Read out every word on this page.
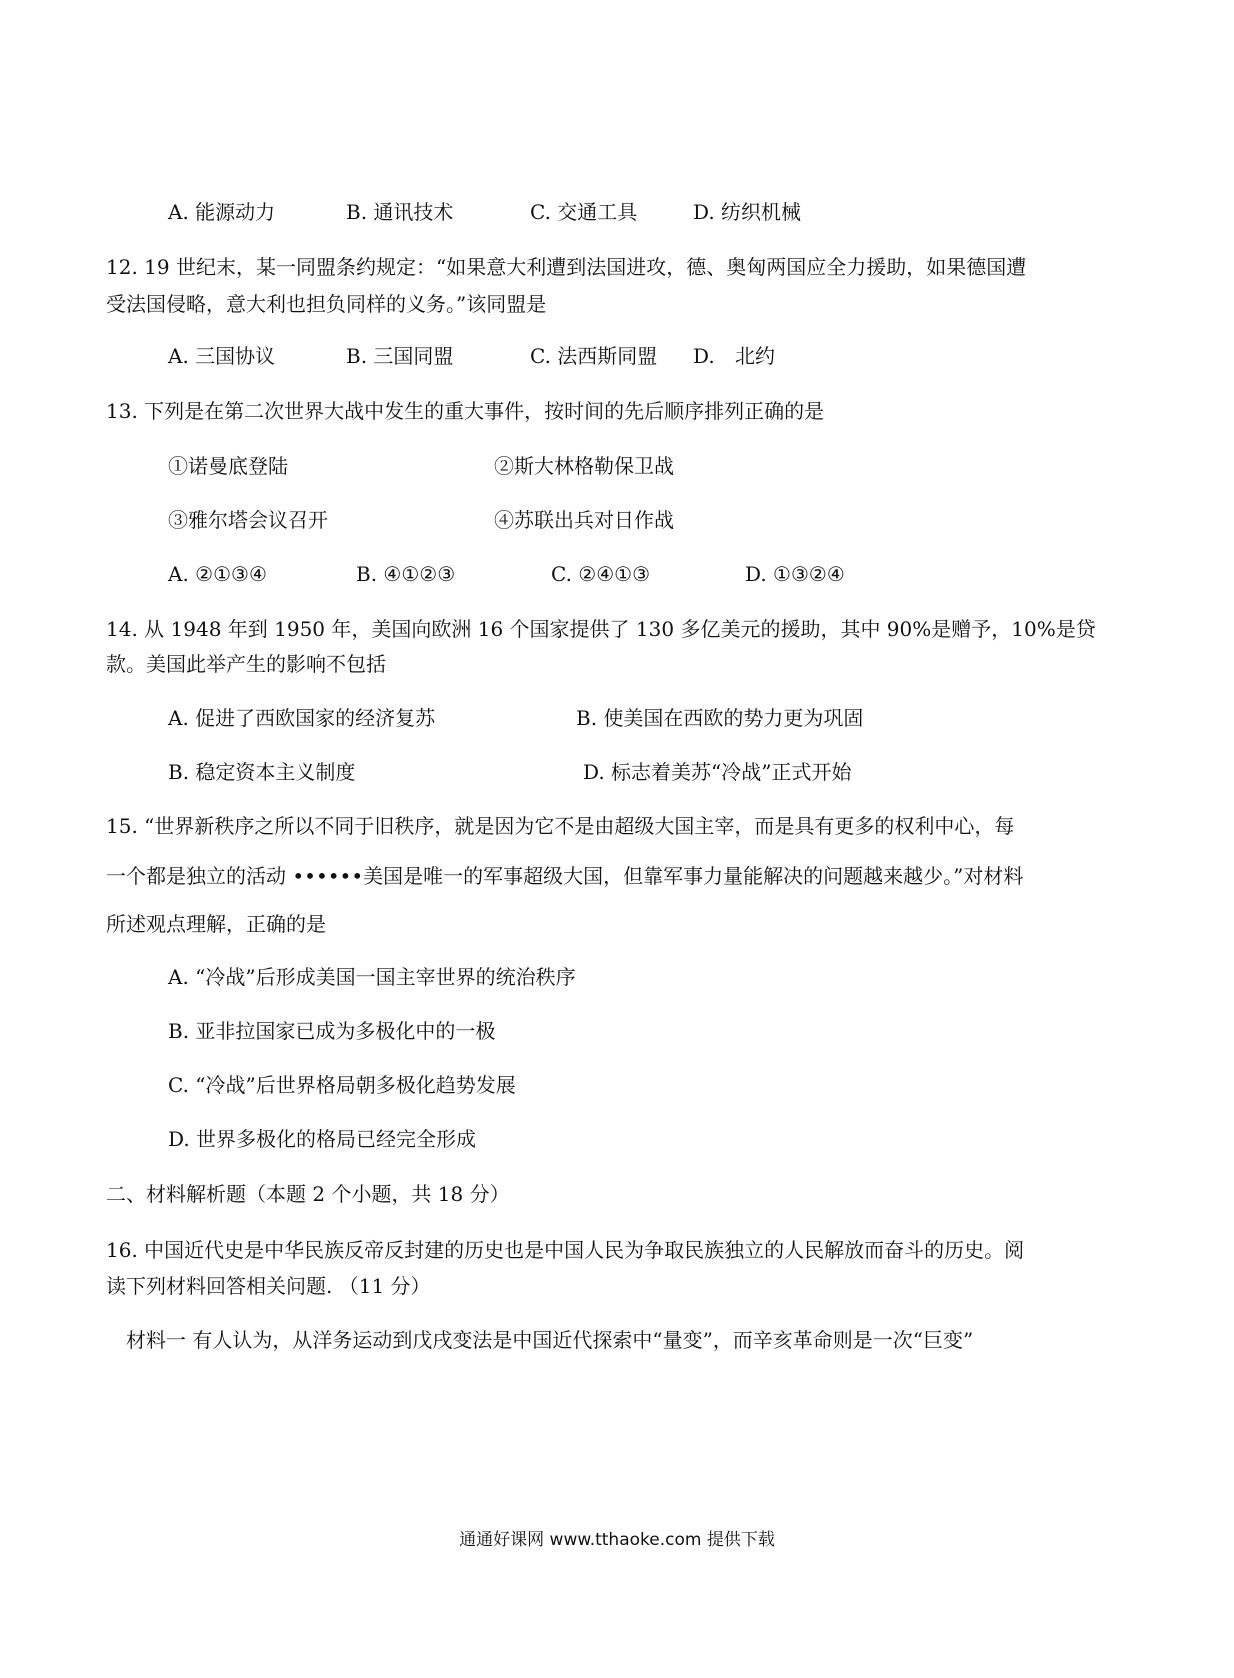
A. 能源动力	B. 通讯技术	C. 交通工具	D. 纺织机械
12. 19 世纪末，某一同盟条约规定：“如果意大利遭到法国进攻，德、奥匈两国应全力援助，如果德国遭
受法国侵略，意大利也担负同样的义务。”该同盟是
A. 三国协议	B. 三国同盟	C. 法西斯同盟 D. 北约
13. 下列是在第二次世界大战中发生的重大事件，按时间的先后顺序排列正确的是
①诺曼底登陆	②斯大林格勒保卫战
③雅尔塔会议召开	④苏联出兵对日作战
A. ②①③④	B. ④①②③	C. ②④①③	D. ①③②④
14. 从 1948 年到 1950 年，美国向欧洲 16 个国家提供了 130 多亿美元的援助，其中 90%是赠予，10%是贷
款。美国此举产生的影响不包括
A. 促进了西欧国家的经济复苏	B. 使美国在西欧的势力更为巩固
B. 稳定资本主义制度	D. 标志着美苏“冷战”正式开始
15. “世界新秩序之所以不同于旧秩序，就是因为它不是由超级大国主宰，而是具有更多的权利中心，每
一个都是独立的活动 ••••••美国是唯一的军事超级大国，但靠军事力量能解决的问题越来越少。”对材料
所述观点理解，正确的是
A. “冷战”后形成美国一国主宰世界的统治秩序
B. 亚非拉国家已成为多极化中的一极
C. “冷战”后世界格局朝多极化趋势发展
D. 世界多极化的格局已经完全形成
二、材料解析题（本题 2 个小题，共 18 分）
16. 中国近代史是中华民族反帝反封建的历史也是中国人民为争取民族独立的人民解放而奋斗的历史。阅
读下列材料回答相关问题. （11 分）
材料一 有人认为，从洋务运动到戊戌变法是中国近代探索中“量变”，而辛亥革命则是一次“巨变”
通通好课网 www.tthaoke.com 提供下载
